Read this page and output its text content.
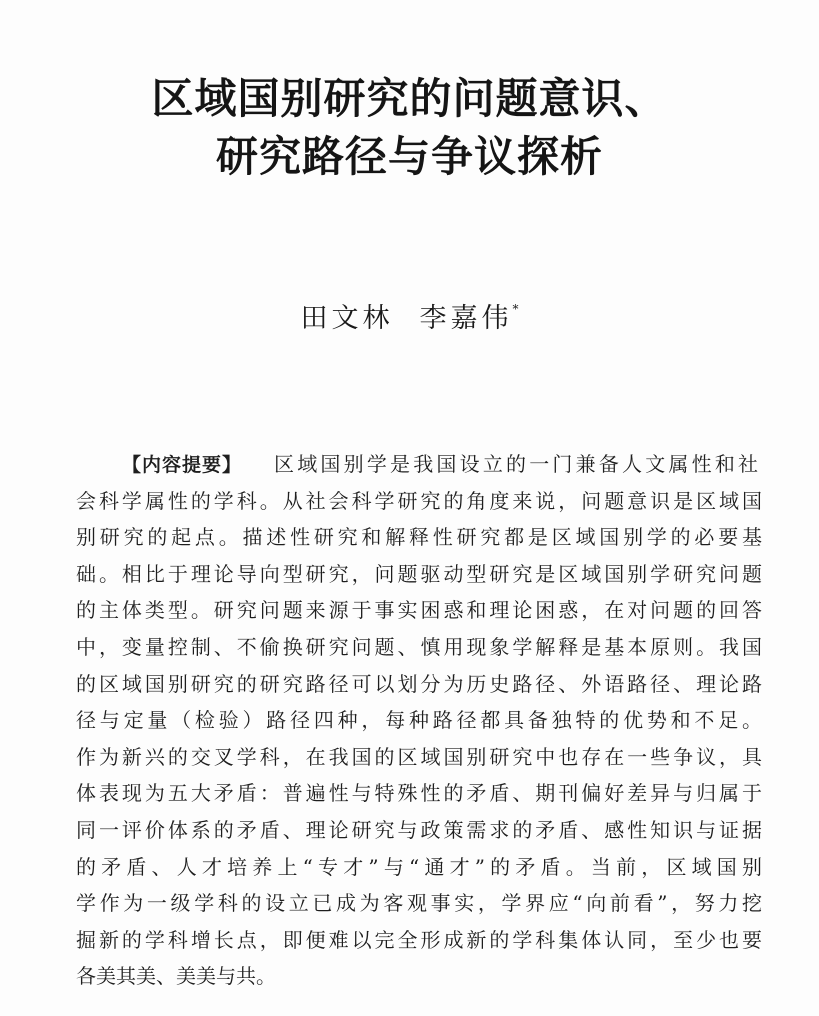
区域国别研究的问题意识、
研究路径与争议探析
田文林 李嘉伟*
【内容提要】 区域国别学是我国设立的一门兼备人文属性和社
会科学属性的学科。从社会科学研究的角度来说，问题意识是区域国
别研究的起点。描述性研究和解释性研究都是区域国别学的必要基
础。相比于理论导向型研究，问题驱动型研究是区域国别学研究问题
的主体类型。研究问题来源于事实困惑和理论困惑，在对问题的回答
中，变量控制、不偷换研究问题、慎用现象学解释是基本原则。我国
的区域国别研究的研究路径可以划分为历史路径、外语路径、理论路
径与定量（检验）路径四种，每种路径都具备独特的优势和不足。
作为新兴的交叉学科，在我国的区域国别研究中也存在一些争议，具
体表现为五大矛盾：普遍性与特殊性的矛盾、期刊偏好差异与归属于
同一评价体系的矛盾、理论研究与政策需求的矛盾、感性知识与证据
的矛盾、人才培养上“专才”与“通才”的矛盾。当前，区域国别
学作为一级学科的设立已成为客观事实，学界应“向前看”，努力挖
掘新的学科增长点，即便难以完全形成新的学科集体认同，至少也要
各美其美、美美与共。
